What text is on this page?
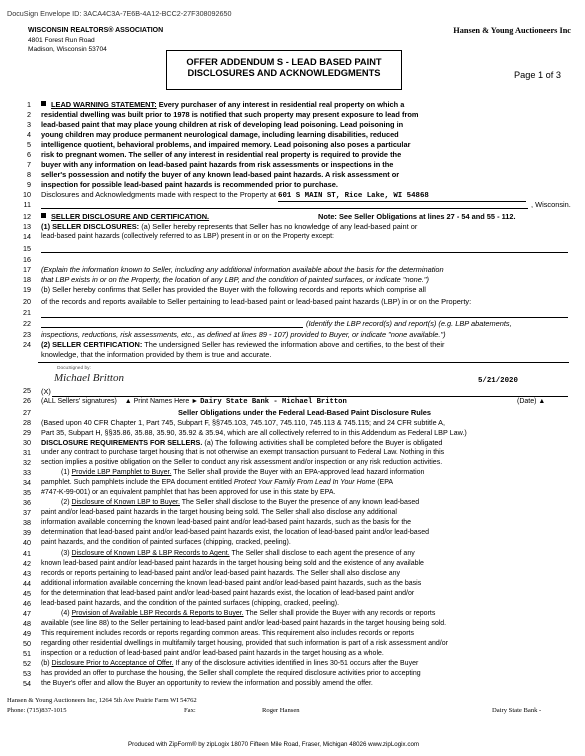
DocuSign Envelope ID: 3ACA4C3A-7E6B-4A12-BCC2-27F308092650
WISCONSIN REALTORS® ASSOCIATION
4801 Forest Run Road
Madison, Wisconsin 53704
Hansen & Young Auctioneers Inc
OFFER ADDENDUM S - LEAD BASED PAINT
DISCLOSURES AND ACKNOWLEDGMENTS	Page 1 of 3
1
2
3
4
5
6
7
8
9
10
11
12
13
14
15
16
17
18
19
20
21
22
23
24
25
26
27
28
29
30
31
32
33
34
35
36
37
38
39
40
41
42
43
44
45
46
47
48
49
50
51
52
53
54
LEAD WARNING STATEMENT: Every purchaser of any interest in residential real property on which a
residential dwelling was built prior to 1978 is notified that such property may present exposure to lead from
lead-based paint that may place young children at risk of developing lead poisoning. Lead poisoning in
young children may produce permanent neurological damage, including learning disabilities, reduced
intelligence quotient, behavioral problems, and impaired memory. Lead poisoning also poses a particular
risk to pregnant women. The seller of any interest in residential real property is required to provide the
buyer with any information on lead-based paint hazards from risk assessments or inspections in the
seller's possession and notify the buyer of any known lead-based paint hazards. A risk assessment or
inspection for possible lead-based paint hazards is recommended prior to purchase.
Disclosures and Acknowledgments made with respect to the Property at 601 S MAIN ST, Rice Lake, WI 54868
, Wisconsin.
SELLER DISCLOSURE AND CERTIFICATION.	Note: See Seller Obligations at lines 27 - 54 and 55 - 112.
(1) SELLER DISCLOSURES: (a) Seller hereby represents that Seller has no knowledge of any lead-based paint or
lead-based paint hazards (collectively referred to as LBP) present in or on the Property except:
(Explain the information known to Seller, including any additional information available about the basis for the determination
that LBP exists in or on the Property, the location of any LBP, and the condition of painted surfaces, or indicate "none.")
(b) Seller hereby confirms that Seller has provided the Buyer with the following records and reports which comprise all
of the records and reports available to Seller pertaining to lead-based paint or lead-based paint hazards (LBP) in or on the Property:
(Identify the LBP record(s) and report(s) (e.g. LBP abatements,
inspections, reductions, risk assessments, etc., as defined at lines 89 - 107) provided to Buyer, or indicate "none available.")
(2) SELLER CERTIFICATION: The undersigned Seller has reviewed the information above and certifies, to the best of their
knowledge, that the information provided by them is true and accurate.
DocuSigned by:
Michael Britton
(X)
5/21/2020
(ALL Sellers' signatures) ▲ Print Names Here ► Dairy State Bank - Michael Britton	(Date) ▲
Seller Obligations under the Federal Lead-Based Paint Disclosure Rules
(Based upon 40 CFR Chapter 1, Part 745, Subpart F, §§745.103, 745.107, 745.110, 745.113 & 745.115; and 24 CFR subtitle A,
Part 35, Subpart H, §§35.86, 35.88, 35.90, 35.92 & 35.94, which are all collectively referred to in this Addendum as Federal LBP Law.)
DISCLOSURE REQUIREMENTS FOR SELLERS. (a) The following activities shall be completed before the Buyer is obligated
under any contract to purchase target housing that is not otherwise an exempt transaction pursuant to Federal Law. Nothing in this
section implies a positive obligation on the Seller to conduct any risk assessment and/or inspection or any risk reduction activities.
(1) Provide LBP Pamphlet to Buyer. The Seller shall provide the Buyer with an EPA-approved lead hazard information
pamphlet. Such pamphlets include the EPA document entitled Protect Your Family From Lead In Your Home (EPA
#747-K-99-001) or an equivalent pamphlet that has been approved for use in this state by EPA.
(2) Disclosure of Known LBP to Buyer. The Seller shall disclose to the Buyer the presence of any known lead-based
paint and/or lead-based paint hazards in the target housing being sold. The Seller shall also disclose any additional
information available concerning the known lead-based paint and/or lead-based paint hazards, such as the basis for the
determination that lead-based paint and/or lead-based paint hazards exist, the location of lead-based paint and/or lead-based
paint hazards, and the condition of painted surfaces (chipping, cracked, peeling).
(3) Disclosure of Known LBP & LBP Records to Agent. The Seller shall disclose to each agent the presence of any
known lead-based paint and/or lead-based paint hazards in the target housing being sold and the existence of any available
records or reports pertaining to lead-based paint and/or lead-based paint hazards. The Seller shall also disclose any
additional information available concerning the known lead-based paint and/or lead-based paint hazards, such as the basis
for the determination that lead-based paint and/or lead-based paint hazards exist, the location of lead-based paint and/or
lead-based paint hazards, and the condition of the painted surfaces (chipping, cracked, peeling).
(4) Provision of Available LBP Records & Reports to Buyer. The Seller shall provide the Buyer with any records or reports
available (see line 88) to the Seller pertaining to lead-based paint and/or lead-based paint hazards in the target housing being sold.
This requirement includes records or reports regarding common areas. This requirement also includes records or reports
regarding other residential dwellings in multifamily target housing, provided that such information is part of a risk assessment and/or
inspection or a reduction of lead-based paint and/or lead-based paint hazards in the target housing as a whole.
(b) Disclosure Prior to Acceptance of Offer. If any of the disclosure activities identified in lines 30-51 occurs after the Buyer
has provided an offer to purchase the housing, the Seller shall complete the required disclosure activities prior to accepting
the Buyer's offer and allow the Buyer an opportunity to review the information and possibly amend the offer.
Hansen & Young Auctioneers Inc, 1264 5th Ave Prairie Farm WI 54762
Phone: (715)837-1015	Fax:	Roger Hansen	Dairy State Bank -
Produced with ZipForm® by zipLogix 18070 Fifteen Mile Road, Fraser, Michigan 48026 www.zipLogix.com
